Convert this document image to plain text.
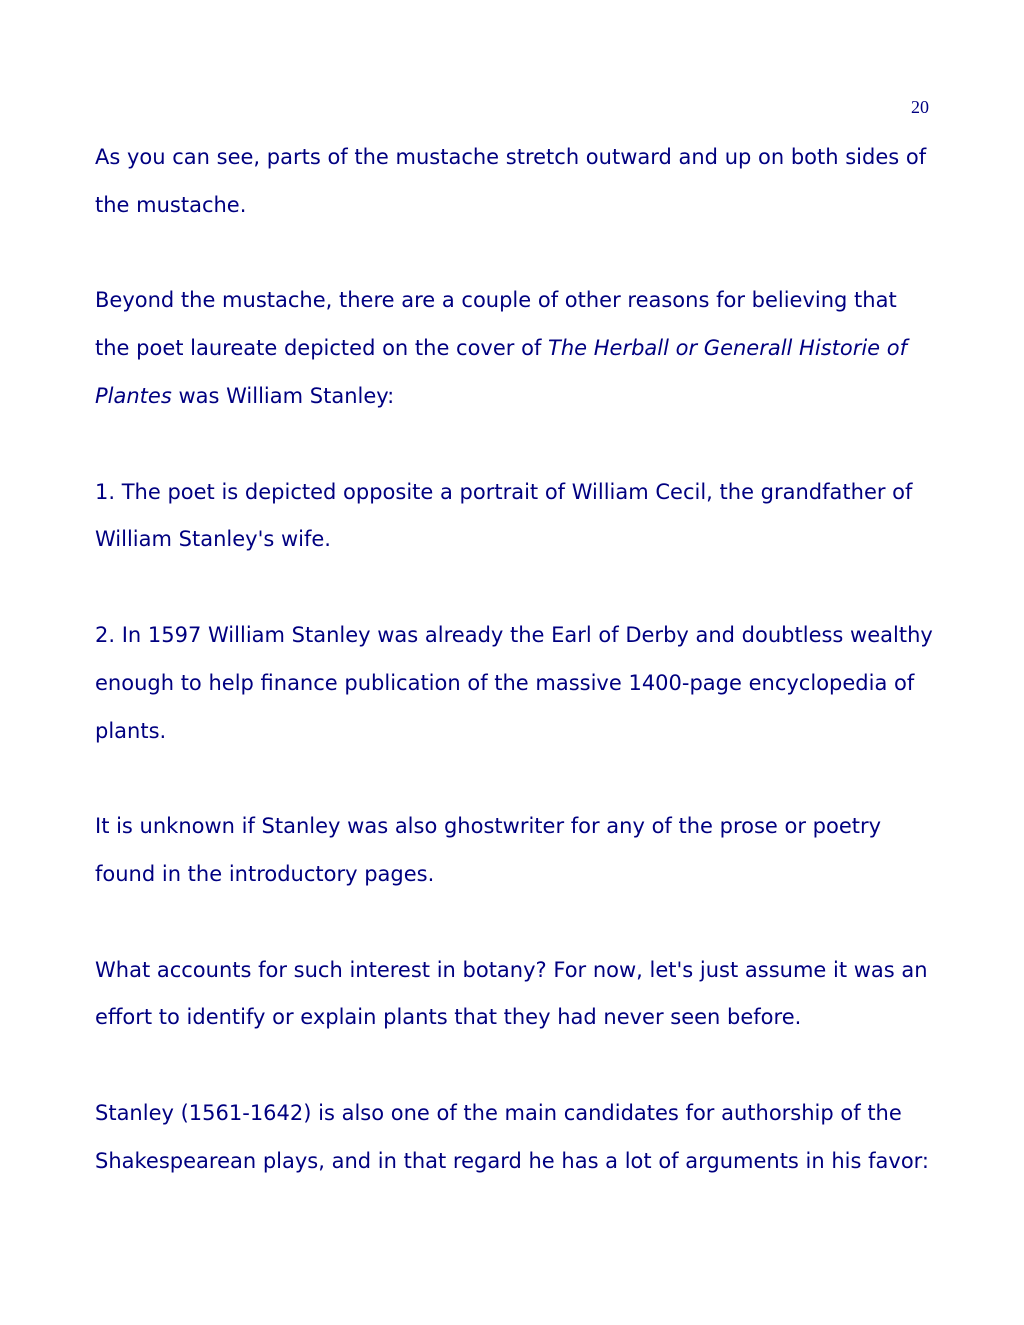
20

As you can see, parts of the mustache stretch outward and up on both sides of the mustache.

Beyond the mustache, there are a couple of other reasons for believing that the poet laureate depicted on the cover of The Herball or Generall Historie of Plantes was William Stanley:

1. The poet is depicted opposite a portrait of William Cecil, the grandfather of William Stanley's wife.

2. In 1597 William Stanley was already the Earl of Derby and doubtless wealthy enough to help finance publication of the massive 1400-page encyclopedia of plants.

It is unknown if Stanley was also ghostwriter for any of the prose or poetry found in the introductory pages.

What accounts for such interest in botany? For now, let's just assume it was an effort to identify or explain plants that they had never seen before.

Stanley (1561-1642) is also one of the main candidates for authorship of the Shakespearean plays, and in that regard he has a lot of arguments in his favor:
